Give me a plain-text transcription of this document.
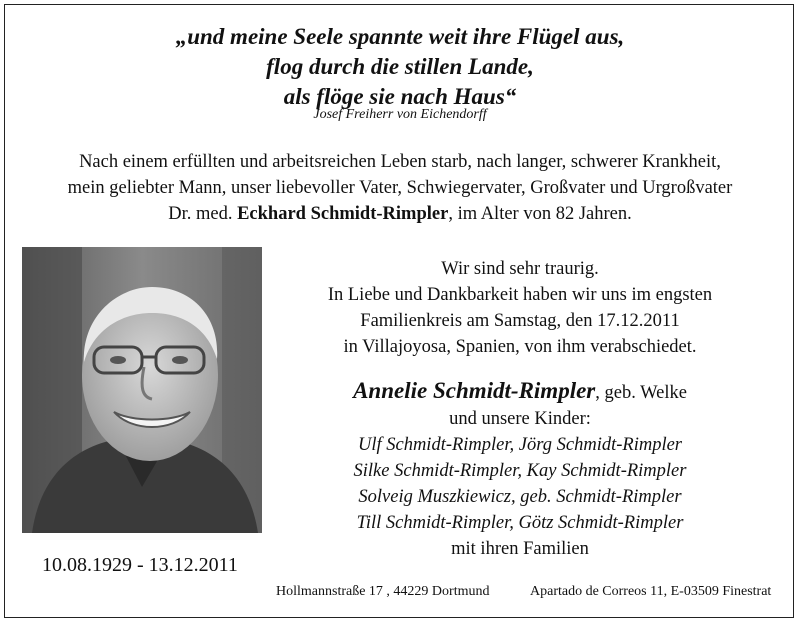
„und meine Seele spannte weit ihre Flügel aus,
flog durch die stillen Lande,
als flöge sie nach Haus“
Josef Freiherr von Eichendorff
Nach einem erfüllten und arbeitsreichen Leben starb, nach langer, schwerer Krankheit,
mein geliebter Mann, unser liebevoller Vater, Schwiegervater, Großvater und Urgroßvater
Dr. med. Eckhard Schmidt-Rimpler, im Alter von 82 Jahren.
10.08.1929 - 13.12.2011
Wir sind sehr traurig.
In Liebe und Dankbarkeit haben wir uns im engsten
Familienkreis am Samstag, den 17.12.2011
in Villajoyosa, Spanien, von ihm verabschiedet.
Annelie Schmidt-Rimpler, geb. Welke
und unsere Kinder:
Ulf Schmidt-Rimpler, Jörg Schmidt-Rimpler
Silke Schmidt-Rimpler, Kay Schmidt-Rimpler
Solveig Muszkiewicz, geb. Schmidt-Rimpler
Till Schmidt-Rimpler, Götz Schmidt-Rimpler
mit ihren Familien
Hollmannstraße 17 , 44229 Dortmund	Apartado de Correos 11, E-03509 Finestrat
